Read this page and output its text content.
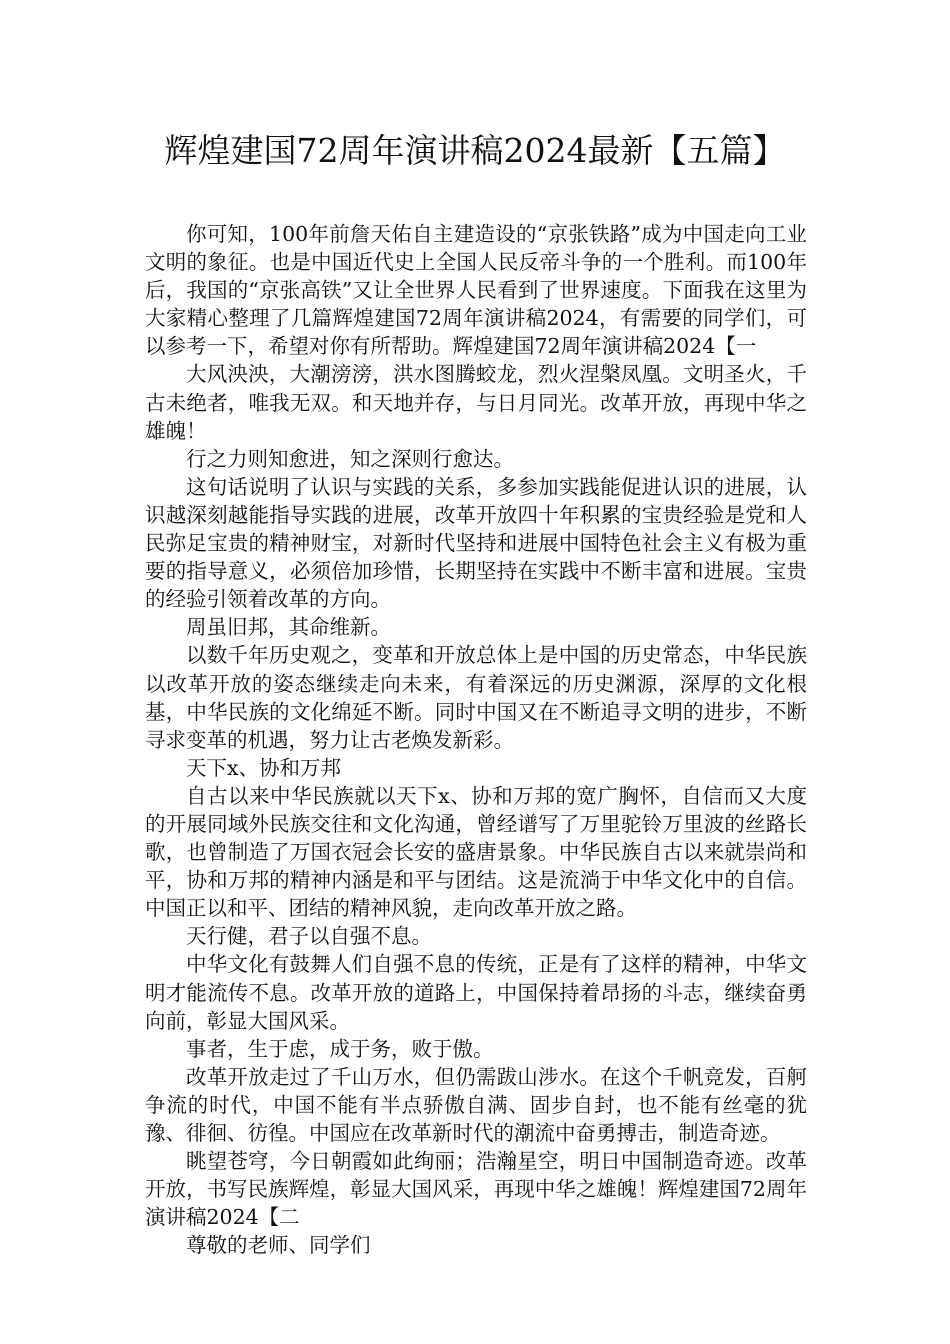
辉煌建国72周年演讲稿2024最新【五篇】

你可知，100年前詹天佑自主建造设的“京张铁路”成为中国走向工业文明的象征。也是中国近代史上全国人民反帝斗争的一个胜利。而100年后，我国的“京张高铁”又让全世界人民看到了世界速度。下面我在这里为大家精心整理了几篇辉煌建国72周年演讲稿2024，有需要的同学们，可以参考一下，希望对你有所帮助。辉煌建国72周年演讲稿2024【一

大风泱泱，大潮滂滂，洪水图腾蛟龙，烈火涅槃凤凰。文明圣火，千古未绝者，唯我无双。和天地并存，与日月同光。改革开放，再现中华之雄魄！

行之力则知愈进，知之深则行愈达。

这句话说明了认识与实践的关系，多参加实践能促进认识的进展，认识越深刻越能指导实践的进展，改革开放四十年积累的宝贵经验是党和人民弥足宝贵的精神财宝，对新时代坚持和进展中国特色社会主义有极为重要的指导意义，必须倍加珍惜，长期坚持在实践中不断丰富和进展。宝贵的经验引领着改革的方向。

周虽旧邦，其命维新。

以数千年历史观之，变革和开放总体上是中国的历史常态，中华民族以改革开放的姿态继续走向未来，有着深远的历史渊源，深厚的文化根基，中华民族的文化绵延不断。同时中国又在不断追寻文明的进步，不断寻求变革的机遇，努力让古老焕发新彩。

天下x、协和万邦

自古以来中华民族就以天下x、协和万邦的宽广胸怀，自信而又大度的开展同域外民族交往和文化沟通，曾经谱写了万里驼铃万里波的丝路长歌，也曾制造了万国衣冠会长安的盛唐景象。中华民族自古以来就崇尚和平，协和万邦的精神内涵是和平与团结。这是流淌于中华文化中的自信。中国正以和平、团结的精神风貌，走向改革开放之路。

天行健，君子以自强不息。

中华文化有鼓舞人们自强不息的传统，正是有了这样的精神，中华文明才能流传不息。改革开放的道路上，中国保持着昂扬的斗志，继续奋勇向前，彰显大国风采。

事者，生于虑，成于务，败于傲。

改革开放走过了千山万水，但仍需跋山涉水。在这个千帆竞发，百舸争流的时代，中国不能有半点骄傲自满、固步自封，也不能有丝毫的犹豫、徘徊、彷徨。中国应在改革新时代的潮流中奋勇搏击，制造奇迹。

眺望苍穹，今日朝霞如此绚丽；浩瀚星空，明日中国制造奇迹。改革开放，书写民族辉煌，彰显大国风采，再现中华之雄魄！辉煌建国72周年演讲稿2024【二

尊敬的老师、同学们
